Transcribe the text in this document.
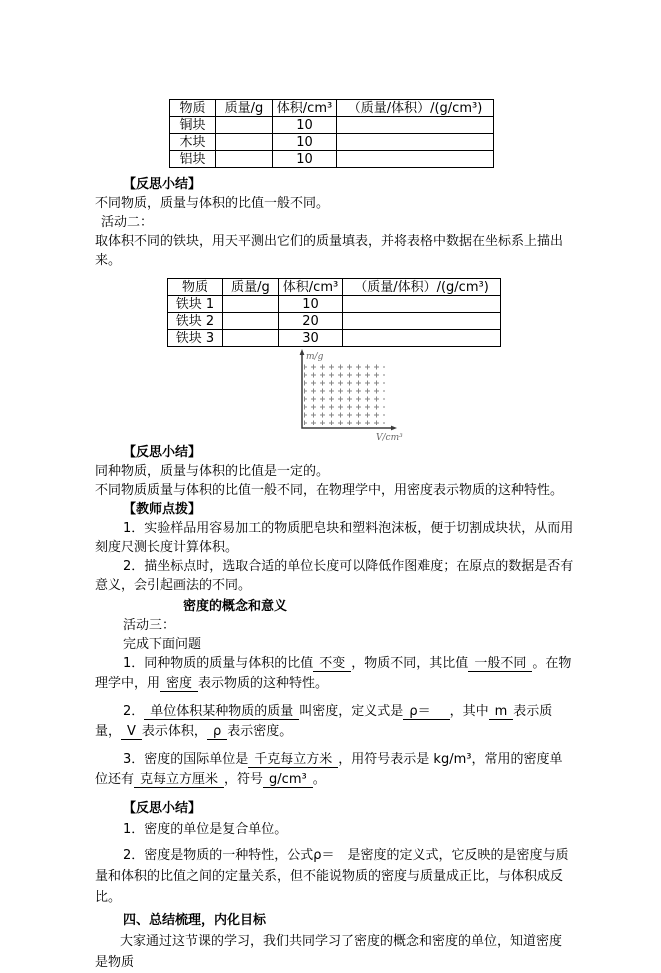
物质	质量/g	体积/cm³	（质量/体积）/(g/cm³)
铜块		10	
木块		10	
铝块		10	

【反思小结】

不同物质，质量与体积的比值一般不同。

活动二：

取体积不同的铁块，用天平测出它们的质量填表，并将表格中数据在坐标系上描出来。

物质	质量/g	体积/cm³	（质量/体积）/(g/cm³)
铁块 1		10	
铁块 2		20	
铁块 3		30	
m/g
V/cm³

【反思小结】

同种物质，质量与体积的比值是一定的。

不同物质质量与体积的比值一般不同，在物理学中，用密度表示物质的这种特性。

【教师点拨】

1．实验样品用容易加工的物质肥皂块和塑料泡沫板，便于切割成块状，从而用刻度尺测长度计算体积。

2．描坐标点时，选取合适的单位长度可以降低作图难度；在原点的数据是否有意义，会引起画法的不同。

密度的概念和意义

活动三：

完成下面问题

1．同种物质的质量与体积的比值 不变 ，物质不同，其比值 一般不同 。在物理学中，用 密度 表示物质的这种特性。

2． 单位体积某种物质的质量 叫密度，定义式是 ρ＝　，其中 m 表示质量， V 表示体积， ρ 表示密度。

3．密度的国际单位是 千克每立方米 ，用符号表示是 kg/m³，常用的密度单位还有 克每立方厘米 ，符号 g/cm³ 。

【反思小结】

1．密度的单位是复合单位。

2．密度是物质的一种特性，公式ρ＝　是密度的定义式，它反映的是密度与质量和体积的比值之间的定量关系，但不能说物质的密度与质量成正比，与体积成反比。

四、总结梳理，内化目标

大家通过这节课的学习，我们共同学习了密度的概念和密度的单位，知道密度是物质
